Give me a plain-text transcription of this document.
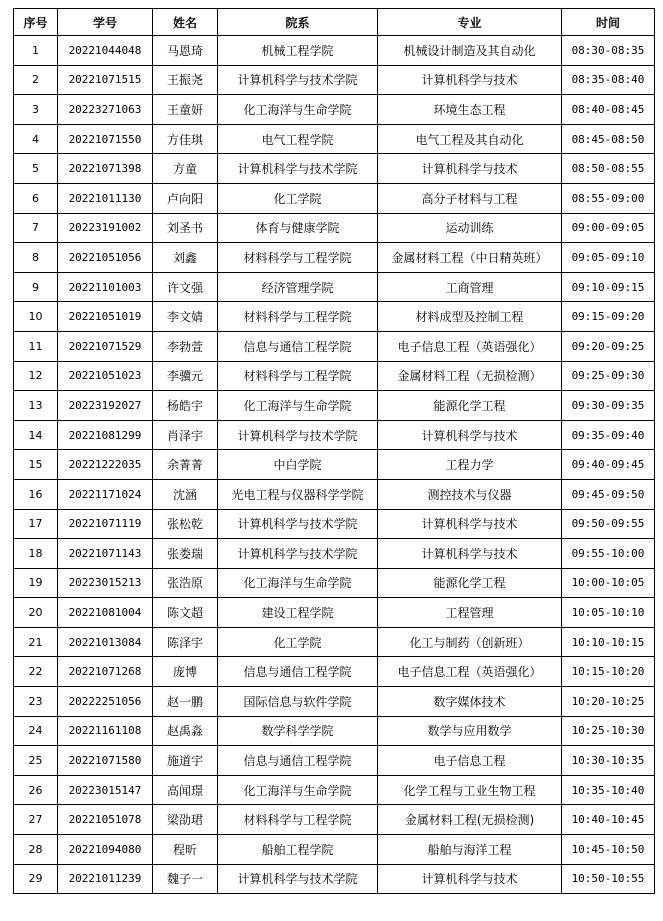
序号	学号	姓名	院系	专业	时间
1	20221044048	马恩琦	机械工程学院	机械设计制造及其自动化	08:30-08:35
2	20221071515	王振尧	计算机科学与技术学院	计算机科学与技术	08:35-08:40
3	20223271063	王童妍	化工海洋与生命学院	环境生态工程	08:40-08:45
4	20221071550	方佳琪	电气工程学院	电气工程及其自动化	08:45-08:50
5	20221071398	方童	计算机科学与技术学院	计算机科学与技术	08:50-08:55
6	20221011130	卢向阳	化工学院	高分子材料与工程	08:55-09:00
7	20223191002	刘圣书	体育与健康学院	运动训练	09:00-09:05
8	20221051056	刘鑫	材料科学与工程学院	金属材料工程（中日精英班）	09:05-09:10
9	20221101003	许文强	经济管理学院	工商管理	09:10-09:15
10	20221051019	李文婧	材料科学与工程学院	材料成型及控制工程	09:15-09:20
11	20221071529	李勃萱	信息与通信工程学院	电子信息工程（英语强化）	09:20-09:25
12	20221051023	李骥元	材料科学与工程学院	金属材料工程（无损检测）	09:25-09:30
13	20223192027	杨皓宇	化工海洋与生命学院	能源化学工程	09:30-09:35
14	20221081299	肖泽宇	计算机科学与技术学院	计算机科学与技术	09:35-09:40
15	20221222035	余菁菁	中白学院	工程力学	09:40-09:45
16	20221171024	沈涵	光电工程与仪器科学学院	测控技术与仪器	09:45-09:50
17	20221071119	张松乾	计算机科学与技术学院	计算机科学与技术	09:50-09:55
18	20221071143	张娄瑞	计算机科学与技术学院	计算机科学与技术	09:55-10:00
19	20223015213	张浩原	化工海洋与生命学院	能源化学工程	10:00-10:05
20	20221081004	陈文超	建设工程学院	工程管理	10:05-10:10
21	20221013084	陈泽宇	化工学院	化工与制药（创新班）	10:10-10:15
22	20221071268	庞博	信息与通信工程学院	电子信息工程（英语强化）	10:15-10:20
23	20222251056	赵一鹏	国际信息与软件学院	数字媒体技术	10:20-10:25
24	20221161108	赵禹淼	数学科学学院	数学与应用数学	10:25-10:30
25	20221071580	施道宇	信息与通信工程学院	电子信息工程	10:30-10:35
26	20223015147	高闻璟	化工海洋与生命学院	化学工程与工业生物工程	10:35-10:40
27	20221051078	梁劭珺	材料科学与工程学院	金属材料工程(无损检测)	10:40-10:45
28	20221094080	程昕	船舶工程学院	船舶与海洋工程	10:45-10:50
29	20221011239	魏子一	计算机科学与技术学院	计算机科学与技术	10:50-10:55
